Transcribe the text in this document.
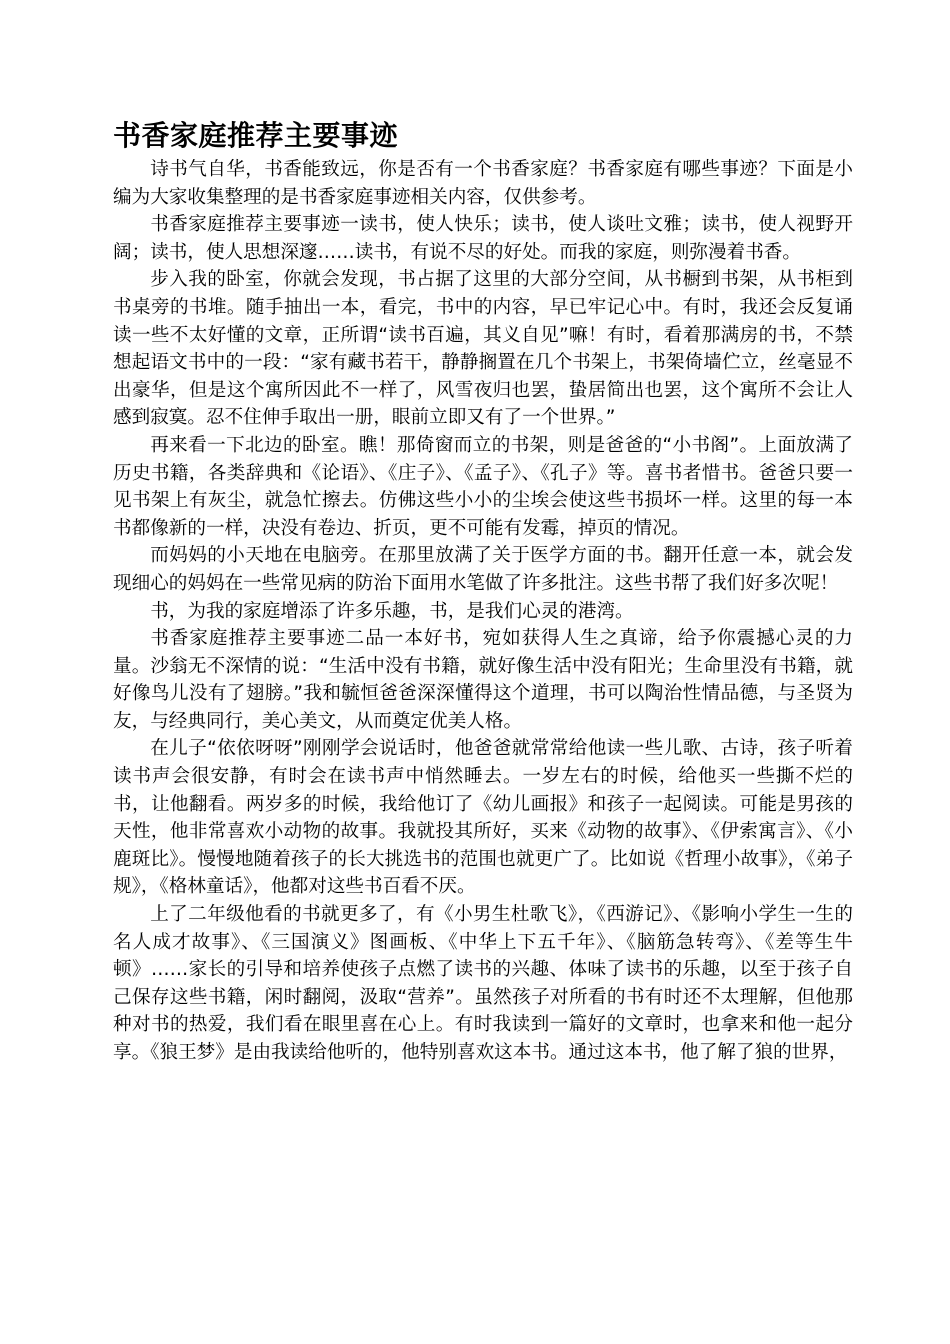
书香家庭推荐主要事迹

诗书气自华，书香能致远，你是否有一个书香家庭？书香家庭有哪些事迹？下面是小编为大家收集整理的是书香家庭事迹相关内容，仅供参考。

书香家庭推荐主要事迹一读书，使人快乐；读书，使人谈吐文雅；读书，使人视野开阔；读书，使人思想深邃……读书，有说不尽的好处。而我的家庭，则弥漫着书香。

步入我的卧室，你就会发现，书占据了这里的大部分空间，从书橱到书架，从书柜到书桌旁的书堆。随手抽出一本，看完，书中的内容，早已牢记心中。有时，我还会反复诵读一些不太好懂的文章，正所谓“读书百遍，其义自见”嘛！有时，看着那满房的书，不禁想起语文书中的一段：“家有藏书若干，静静搁置在几个书架上，书架倚墙伫立，丝毫显不出豪华，但是这个寓所因此不一样了，风雪夜归也罢，蛰居简出也罢，这个寓所不会让人感到寂寞。忍不住伸手取出一册，眼前立即又有了一个世界。”

再来看一下北边的卧室。瞧！那倚窗而立的书架，则是爸爸的“小书阁”。上面放满了历史书籍，各类辞典和《论语》、《庄子》、《孟子》、《孔子》等。喜书者惜书。爸爸只要一见书架上有灰尘，就急忙擦去。仿佛这些小小的尘埃会使这些书损坏一样。这里的每一本书都像新的一样，决没有卷边、折页，更不可能有发霉，掉页的情况。

而妈妈的小天地在电脑旁。在那里放满了关于医学方面的书。翻开任意一本，就会发现细心的妈妈在一些常见病的防治下面用水笔做了许多批注。这些书帮了我们好多次呢！

书，为我的家庭增添了许多乐趣，书，是我们心灵的港湾。

书香家庭推荐主要事迹二品一本好书，宛如获得人生之真谛，给予你震撼心灵的力量。沙翁无不深情的说：“生活中没有书籍，就好像生活中没有阳光；生命里没有书籍，就好像鸟儿没有了翅膀。”我和毓恒爸爸深深懂得这个道理，书可以陶治性情品德，与圣贤为友，与经典同行，美心美文，从而奠定优美人格。

在儿子“依依呀呀”刚刚学会说话时，他爸爸就常常给他读一些儿歌、古诗，孩子听着读书声会很安静，有时会在读书声中悄然睡去。一岁左右的时候，给他买一些撕不烂的书，让他翻看。两岁多的时候，我给他订了《幼儿画报》和孩子一起阅读。可能是男孩的天性，他非常喜欢小动物的故事。我就投其所好，买来《动物的故事》、《伊索寓言》、《小鹿斑比》。慢慢地随着孩子的长大挑选书的范围也就更广了。比如说《哲理小故事》，《弟子规》，《格林童话》，他都对这些书百看不厌。

上了二年级他看的书就更多了，有《小男生杜歌飞》，《西游记》、《影响小学生一生的名人成才故事》、《三国演义》图画板、《中华上下五千年》、《脑筋急转弯》、《差等生牛顿》……家长的引导和培养使孩子点燃了读书的兴趣、体味了读书的乐趣，以至于孩子自己保存这些书籍，闲时翻阅，汲取“营养”。虽然孩子对所看的书有时还不太理解，但他那种对书的热爱，我们看在眼里喜在心上。有时我读到一篇好的文章时，也拿来和他一起分享。《狼王梦》是由我读给他听的，他特别喜欢这本书。通过这本书，他了解了狼的世界，
